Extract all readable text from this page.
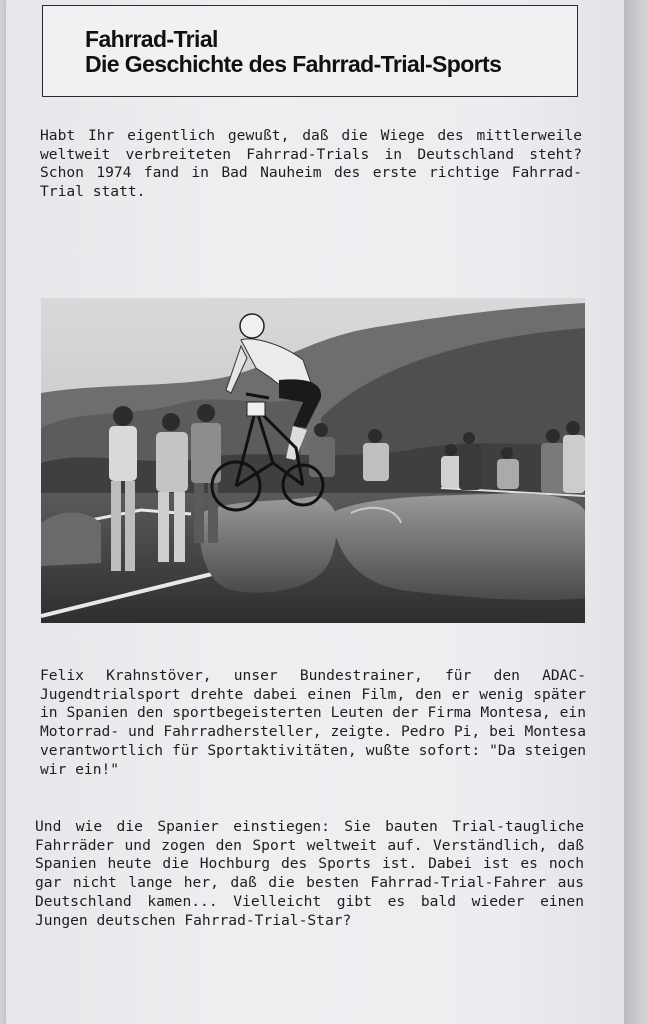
Fahrrad-Trial

Die Geschichte des Fahrrad-Trial-Sports

Habt Ihr eigentlich gewußt, daß die Wiege des mittlerweile weltweit verbreiteten Fahrrad-Trials in Deutschland steht? Schon 1974 fand in Bad Nauheim des erste richtige Fahrrad-Trial statt.

Felix Krahnstöver, unser Bundestrainer, für den ADAC-Jugendtrialsport drehte dabei einen Film, den er wenig später in Spanien den sportbegeisterten Leuten der Firma Montesa, ein Motorrad- und Fahrradhersteller, zeigte. Pedro Pi, bei Montesa verantwortlich für Sportaktivitäten, wußte sofort: "Da steigen wir ein!"

Und wie die Spanier einstiegen: Sie bauten Trial-taugliche Fahrräder und zogen den Sport weltweit auf. Verständlich, daß Spanien heute die Hochburg des Sports ist. Dabei ist es noch gar nicht lange her, daß die besten Fahrrad-Trial-Fahrer aus Deutschland kamen... Vielleicht gibt es bald wieder einen Jungen deutschen Fahrrad-Trial-Star?
